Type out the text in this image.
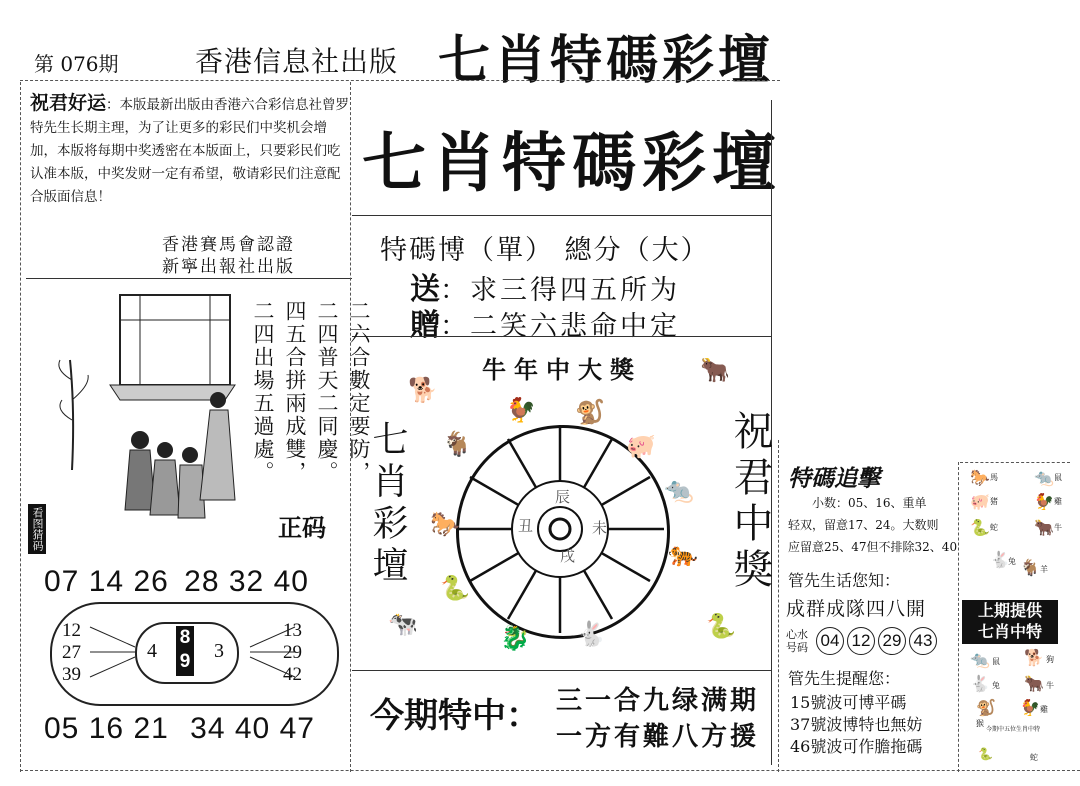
第 076期	香港信息社出版 七肖特碼彩壇
祝君好运：本版最新出版由香港六合彩信息社曾罗特先生长期主理，为了让更多的彩民们中奖机会增加，本版将每期中奖透密在本版面上，只要彩民们吃认准本版，中奖发财一定有希望，敬请彩民们注意配合版面信息！
香港賽馬會認證
新寧出報社出版
七肖特碼彩壇
特碼博（單） 總分（大）
送：求三得四五所为
贈：二笑六悲命中定
二六合數定要防，
二四普天二同慶。
四五合拼兩成雙，
二四出場五過處。
正码
看图猜码
07 14 26 28 32 40
12
27
39
13
29
42
4	3
8
9
05 16 21 34 40 47
牛年中大獎
七肖彩壇	祝君中獎
辰
未
戌
丑
🐕
🐂
🐓 🐒
🐐	🐖
🐎
🐀
🐍
🐅
🐄	🐉 🐇	🐍
今期特中： 三一合九绿满期
一方有難八方援
特碼追擊
小数：05、16、重单
轻双，留意17、24。大数则
应留意25、47但不排除32、40
管先生话您知：
成群成隊四八開
心水号码 04 12 29 43
管先生提醒您：
15號波可博平碼
37號波博特也無妨
46號波可作膽拖碼
🐎 馬 🐀 鼠
🐖 猪 🐓 雞
🐍 蛇 🐂 牛
🐇
兔 🐐 羊
上期提供
七肖中特
🐀 鼠 🐕 狗
🐇 兔 🐂 牛
🐒
猴
🐓 雞
今期中五位生肖中特
🐍	蛇
